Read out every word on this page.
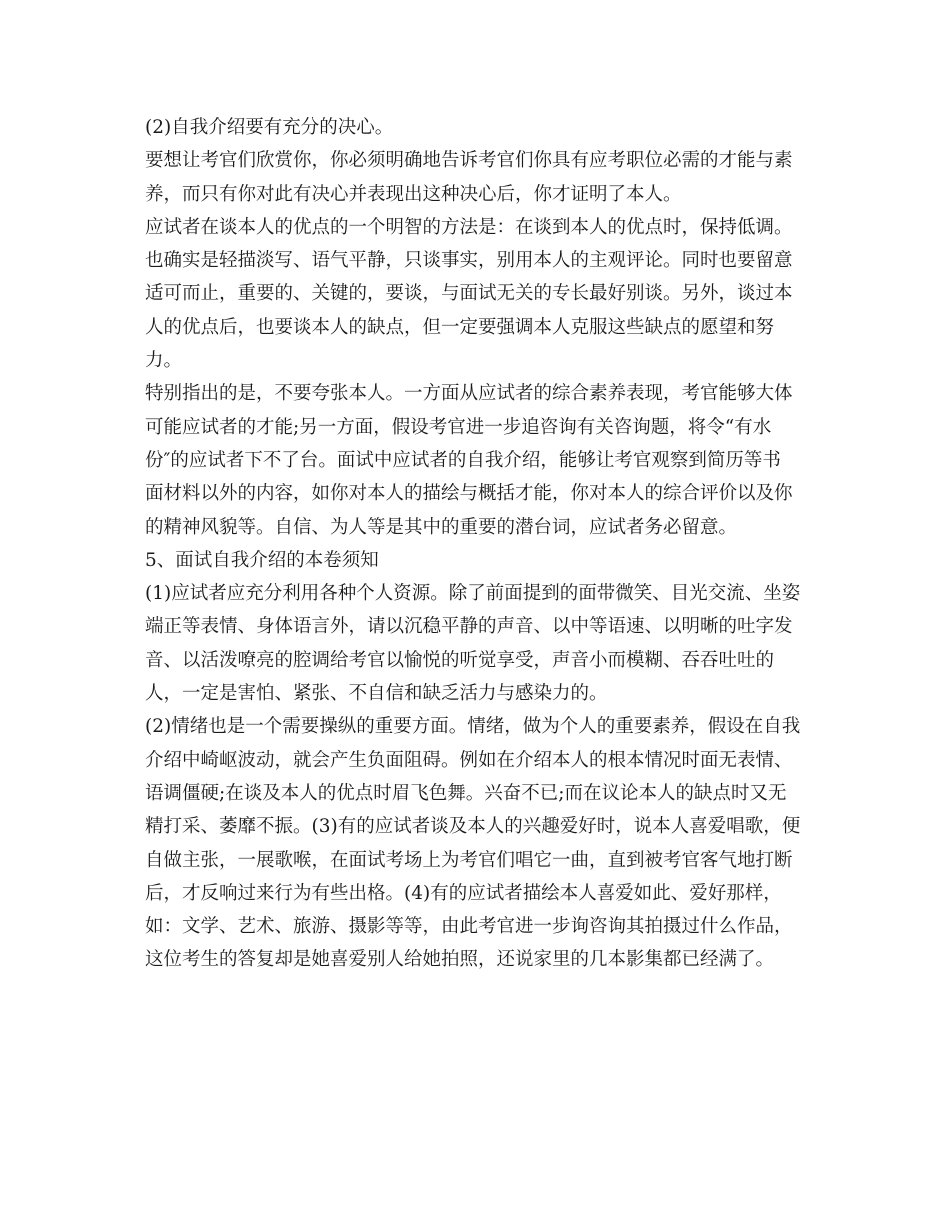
(2)自我介绍要有充分的决心。
要想让考官们欣赏你，你必须明确地告诉考官们你具有应考职位必需的才能与素
养，而只有你对此有决心并表现出这种决心后，你才证明了本人。
应试者在谈本人的优点的一个明智的方法是：在谈到本人的优点时，保持低调。
也确实是轻描淡写、语气平静，只谈事实，别用本人的主观评论。同时也要留意
适可而止，重要的、关键的，要谈，与面试无关的专长最好别谈。另外，谈过本
人的优点后，也要谈本人的缺点，但一定要强调本人克服这些缺点的愿望和努
力。
特别指出的是，不要夸张本人。一方面从应试者的综合素养表现，考官能够大体
可能应试者的才能;另一方面，假设考官进一步追咨询有关咨询题，将令“有水
份″的应试者下不了台。面试中应试者的自我介绍，能够让考官观察到简历等书
面材料以外的内容，如你对本人的描绘与概括才能，你对本人的综合评价以及你
的精神风貌等。自信、为人等是其中的重要的潜台词，应试者务必留意。
5、面试自我介绍的本卷须知
(1)应试者应充分利用各种个人资源。除了前面提到的面带微笑、目光交流、坐姿
端正等表情、身体语言外，请以沉稳平静的声音、以中等语速、以明晰的吐字发
音、以活泼嘹亮的腔调给考官以愉悦的听觉享受，声音小而模糊、吞吞吐吐的
人，一定是害怕、紧张、不自信和缺乏活力与感染力的。
(2)情绪也是一个需要操纵的重要方面。情绪，做为个人的重要素养，假设在自我
介绍中崎岖波动，就会产生负面阻碍。例如在介绍本人的根本情况时面无表情、
语调僵硬;在谈及本人的优点时眉飞色舞。兴奋不已;而在议论本人的缺点时又无
精打采、萎靡不振。(3)有的应试者谈及本人的兴趣爱好时，说本人喜爱唱歌，便
自做主张，一展歌喉，在面试考场上为考官们唱它一曲，直到被考官客气地打断
后，才反响过来行为有些出格。(4)有的应试者描绘本人喜爱如此、爱好那样，
如：文学、艺术、旅游、摄影等等，由此考官进一步询咨询其拍摄过什么作品，
这位考生的答复却是她喜爱别人给她拍照，还说家里的几本影集都已经满了。
